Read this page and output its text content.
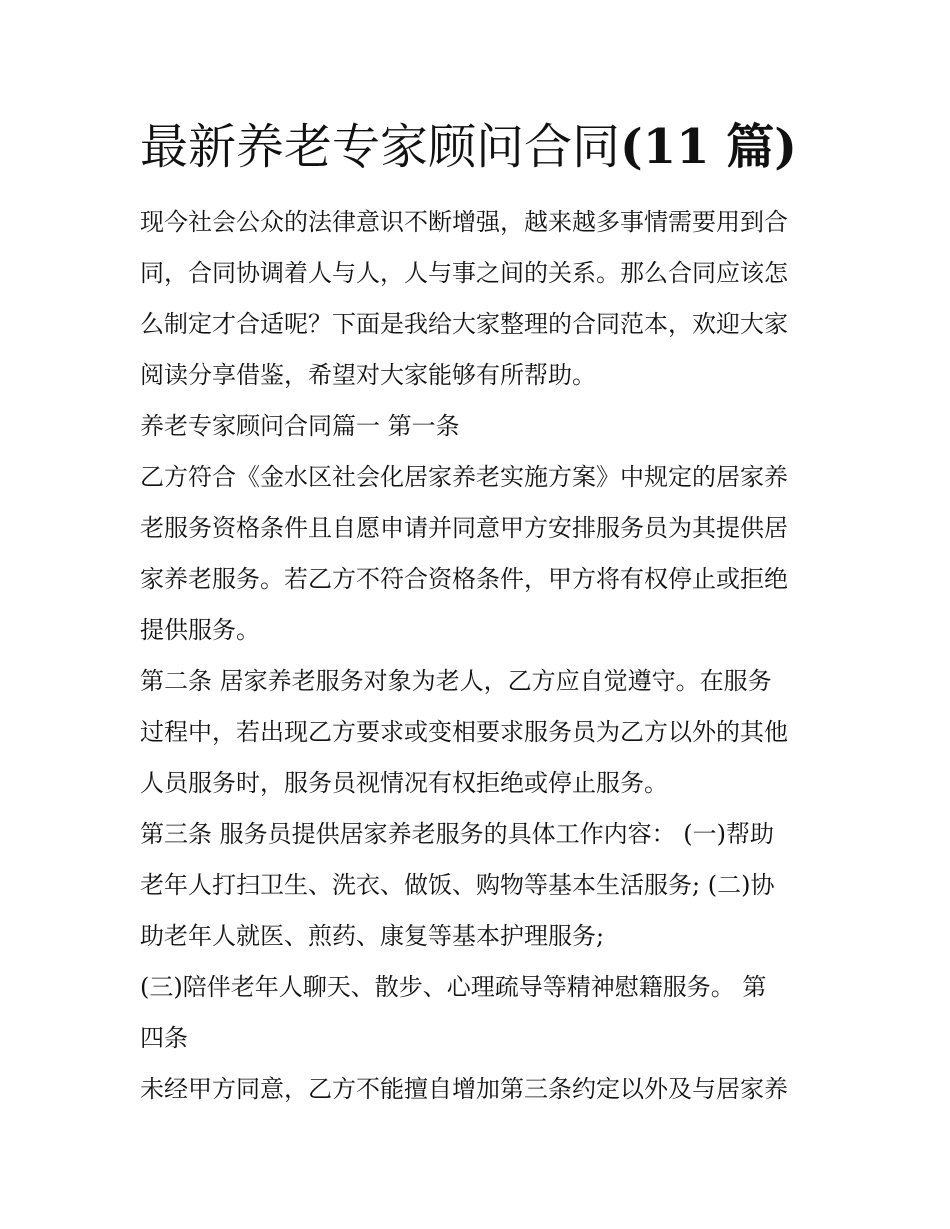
最新养老专家顾问合同(11 篇)

现今社会公众的法律意识不断增强，越来越多事情需要用到合

同，合同协调着人与人，人与事之间的关系。那么合同应该怎

么制定才合适呢？下面是我给大家整理的合同范本，欢迎大家

阅读分享借鉴，希望对大家能够有所帮助。

养老专家顾问合同篇一 第一条

乙方符合《金水区社会化居家养老实施方案》中规定的居家养

老服务资格条件且自愿申请并同意甲方安排服务员为其提供居

家养老服务。若乙方不符合资格条件，甲方将有权停止或拒绝

提供服务。

第二条 居家养老服务对象为老人，乙方应自觉遵守。在服务

过程中，若出现乙方要求或变相要求服务员为乙方以外的其他

人员服务时，服务员视情况有权拒绝或停止服务。

第三条 服务员提供居家养老服务的具体工作内容： (一)帮助

老年人打扫卫生、洗衣、做饭、购物等基本生活服务; (二)协

助老年人就医、煎药、康复等基本护理服务;

(三)陪伴老年人聊天、散步、心理疏导等精神慰籍服务。 第

四条

未经甲方同意，乙方不能擅自增加第三条约定以外及与居家养
